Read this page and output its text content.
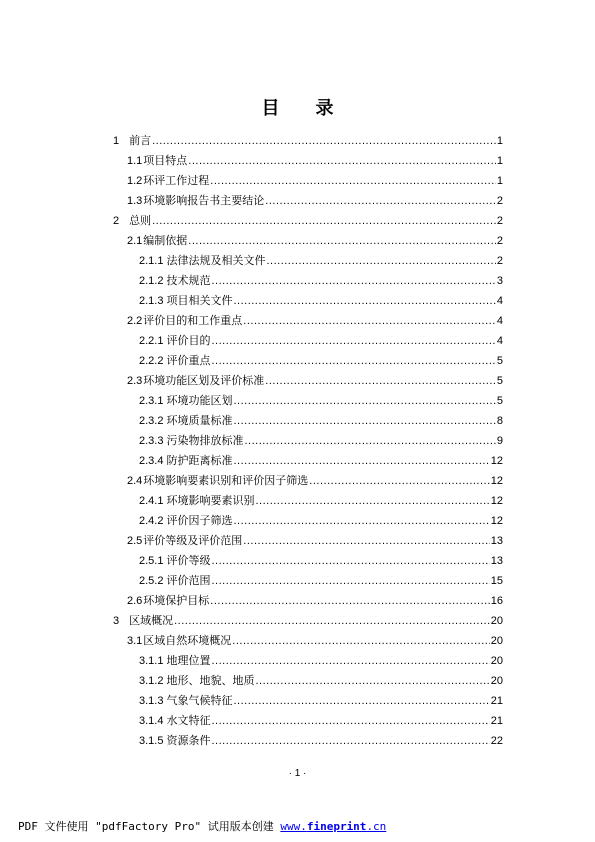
目 录
1 前言 .....	1
1.1项目特点 .....	1
1.2环评工作过程 .....	1
1.3环境影响报告书主要结论 .....	2
2 总则 .....	2
2.1编制依据 .....	2
2.1.1 法律法规及相关文件 .....	2
2.1.2 技术规范 .....	3
2.1.3 项目相关文件 .....	4
2.2评价目的和工作重点 .....	4
2.2.1 评价目的 .....	4
2.2.2 评价重点 .....	5
2.3环境功能区划及评价标准 .....	5
2.3.1 环境功能区划 .....	5
2.3.2 环境质量标准 .....	8
2.3.3 污染物排放标准 .....	9
2.3.4 防护距离标准 .....	12
2.4环境影响要素识别和评价因子筛选 .....	12
2.4.1 环境影响要素识别 .....	12
2.4.2 评价因子筛选 .....	12
2.5评价等级及评价范围 .....	13
2.5.1 评价等级 .....	13
2.5.2 评价范围 .....	15
2.6环境保护目标 .....	16
3 区域概况 .....	20
3.1区域自然环境概况 .....	20
3.1.1 地理位置 .....	20
3.1.2 地形、地貌、地质 .....	20
3.1.3 气象气候特征 .....	21
3.1.4 水文特征 .....	21
3.1.5 资源条件 .....	22
· 1 ·
PDF 文件使用 "pdfFactory Pro" 试用版本创建 www.fineprint.cn
